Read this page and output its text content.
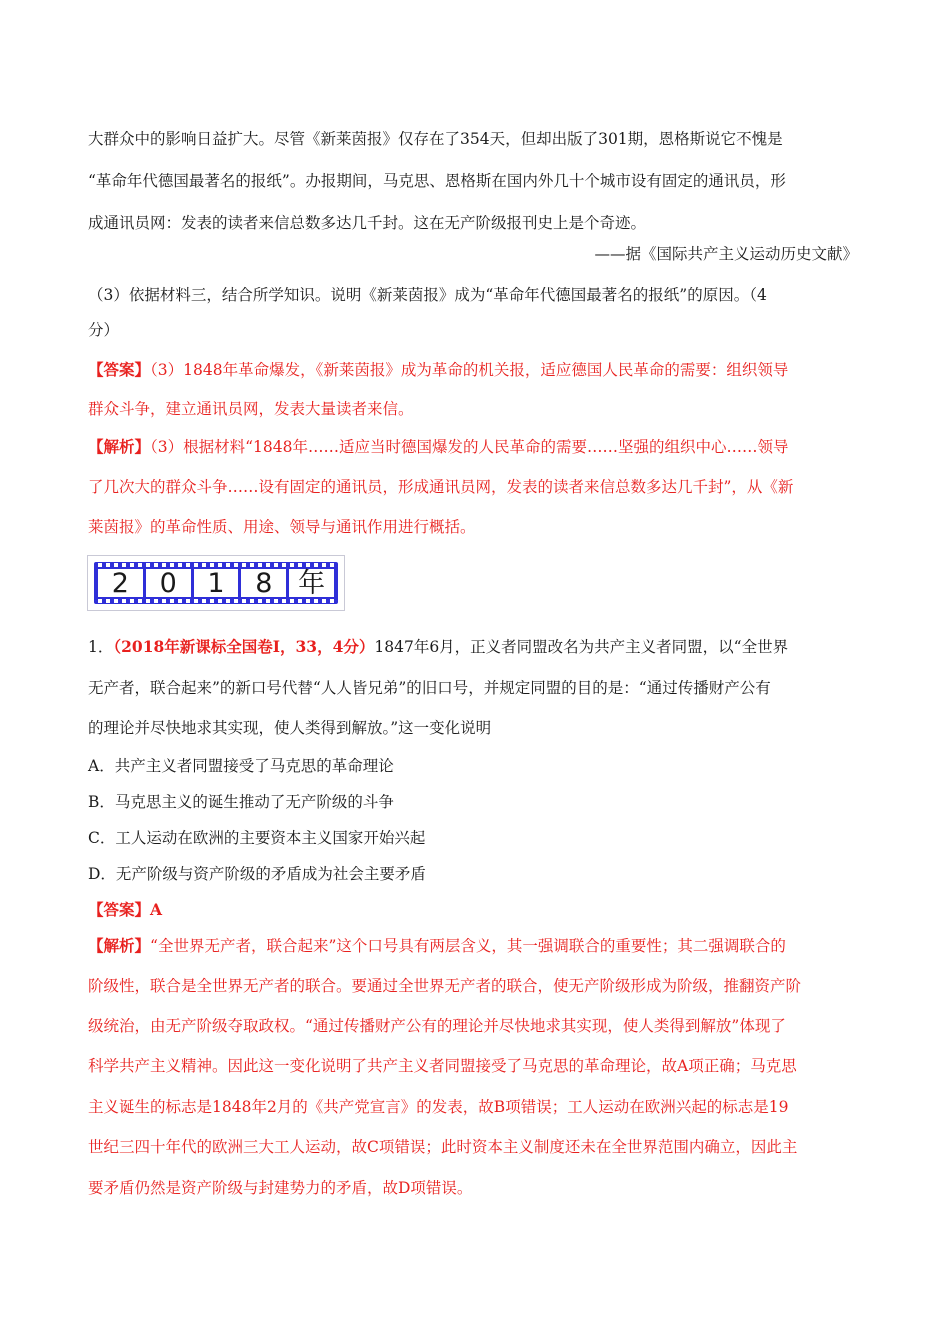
大群众中的影响日益扩大。尽管《新莱茵报》仅存在了354天，但却出版了301期，恩格斯说它不愧是
“革命年代德国最著名的报纸”。办报期间，马克思、恩格斯在国内外几十个城市设有固定的通讯员，形
成通讯员网：发表的读者来信总数多达几千封。这在无产阶级报刊史上是个奇迹。
——据《国际共产主义运动历史文献》
（3）依据材料三，结合所学知识。说明《新莱茵报》成为“革命年代德国最著名的报纸”的原因。（4
分）
【答案】（3）1848年革命爆发，《新莱茵报》成为革命的机关报，适应德国人民革命的需要：组织领导
群众斗争，建立通讯员网，发表大量读者来信。
【解析】（3）根据材料“1848年……适应当时德国爆发的人民革命的需要……坚强的组织中心……领导
了几次大的群众斗争……设有固定的通讯员，形成通讯员网，发表的读者来信总数多达几千封”，从《新
莱茵报》的革命性质、用途、领导与通讯作用进行概括。
2	0	1	8 年
1．（2018年新课标全国卷Ⅰ，33，4分）1847年6月，正义者同盟改名为共产主义者同盟，以“全世界
无产者，联合起来”的新口号代替“人人皆兄弟”的旧口号，并规定同盟的目的是：“通过传播财产公有
的理论并尽快地求其实现，使人类得到解放。”这一变化说明
A．共产主义者同盟接受了马克思的革命理论
B．马克思主义的诞生推动了无产阶级的斗争
C．工人运动在欧洲的主要资本主义国家开始兴起
D．无产阶级与资产阶级的矛盾成为社会主要矛盾
【答案】A
【解析】“全世界无产者，联合起来”这个口号具有两层含义，其一强调联合的重要性；其二强调联合的
阶级性，联合是全世界无产者的联合。要通过全世界无产者的联合，使无产阶级形成为阶级，推翻资产阶
级统治，由无产阶级夺取政权。“通过传播财产公有的理论并尽快地求其实现，使人类得到解放”体现了
科学共产主义精神。因此这一变化说明了共产主义者同盟接受了马克思的革命理论，故A项正确；马克思
主义诞生的标志是1848年2月的《共产党宣言》的发表，故B项错误；工人运动在欧洲兴起的标志是19
世纪三四十年代的欧洲三大工人运动，故C项错误；此时资本主义制度还未在全世界范围内确立，因此主
要矛盾仍然是资产阶级与封建势力的矛盾，故D项错误。
